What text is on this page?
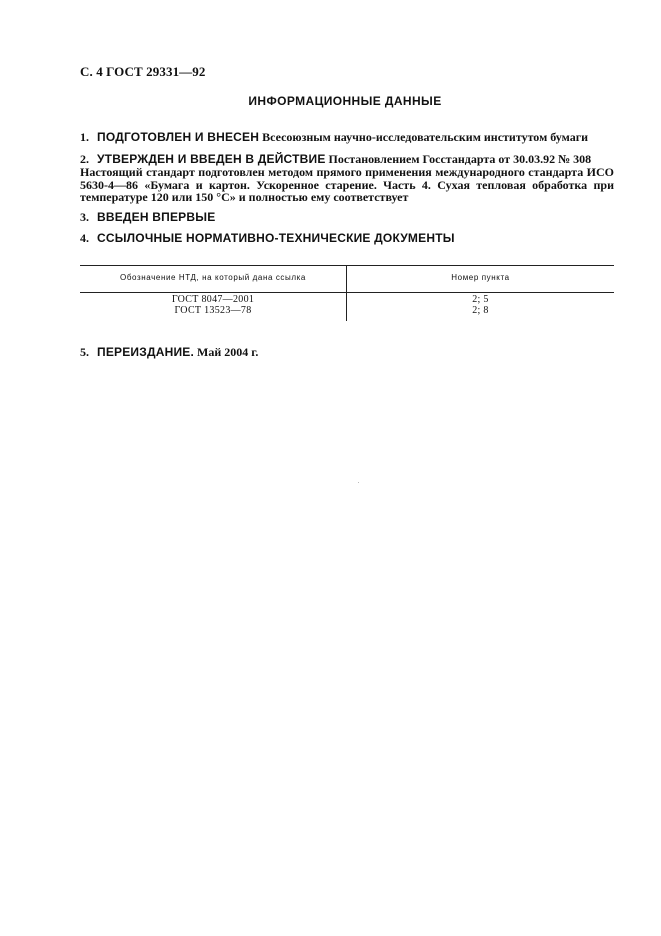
С. 4 ГОСТ 29331—92
ИНФОРМАЦИОННЫЕ ДАННЫЕ
1. ПОДГОТОВЛЕН И ВНЕСЕН Всесоюзным научно-исследовательским институтом бумаги
2. УТВЕРЖДЕН И ВВЕДЕН В ДЕЙСТВИЕ Постановлением Госстандарта от 30.03.92 № 308
Настоящий стандарт подготовлен методом прямого применения международного стандарта ИСО 5630-4—86 «Бумага и картон. Ускоренное старение. Часть 4. Сухая тепловая обработка при температуре 120 или 150 °С» и полностью ему соответствует
3. ВВЕДЕН ВПЕРВЫЕ
4. ССЫЛОЧНЫЕ НОРМАТИВНО-ТЕХНИЧЕСКИЕ ДОКУМЕНТЫ
Обозначение НТД, на который дана ссылка	Номер пункта
ГОСТ 8047—2001	2; 5
ГОСТ 13523—78	2; 8
5. ПЕРЕИЗДАНИЕ. Май 2004 г.
